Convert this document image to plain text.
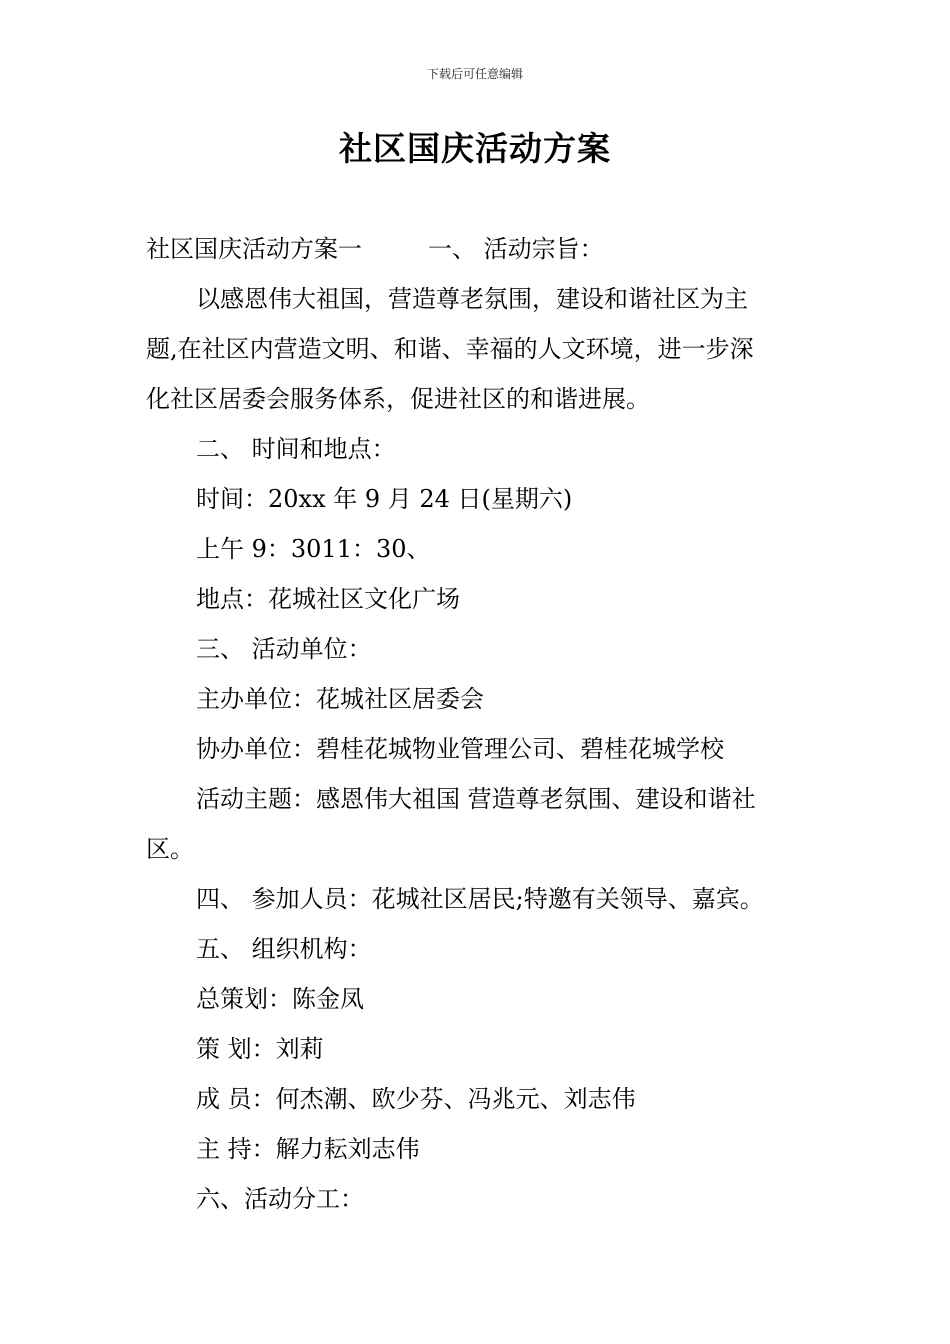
下载后可任意编辑
社区国庆活动方案
社区国庆活动方案一	一、 活动宗旨：
以感恩伟大祖国，营造尊老氛围，建设和谐社区为主
题,在社区内营造文明、和谐、幸福的人文环境，进一步深
化社区居委会服务体系，促进社区的和谐进展。
二、 时间和地点：
时间：20xx 年 9 月 24 日(星期六)
上午 9：3011：30、
地点：花城社区文化广场
三、 活动单位：
主办单位：花城社区居委会
协办单位：碧桂花城物业管理公司、碧桂花城学校
活动主题：感恩伟大祖国 营造尊老氛围、建设和谐社
区。
四、 参加人员：花城社区居民;特邀有关领导、嘉宾。
五、 组织机构：
总策划：陈金凤
策 划：刘莉
成 员：何杰潮、欧少芬、冯兆元、刘志伟
主 持：解力耘刘志伟
六、活动分工：
